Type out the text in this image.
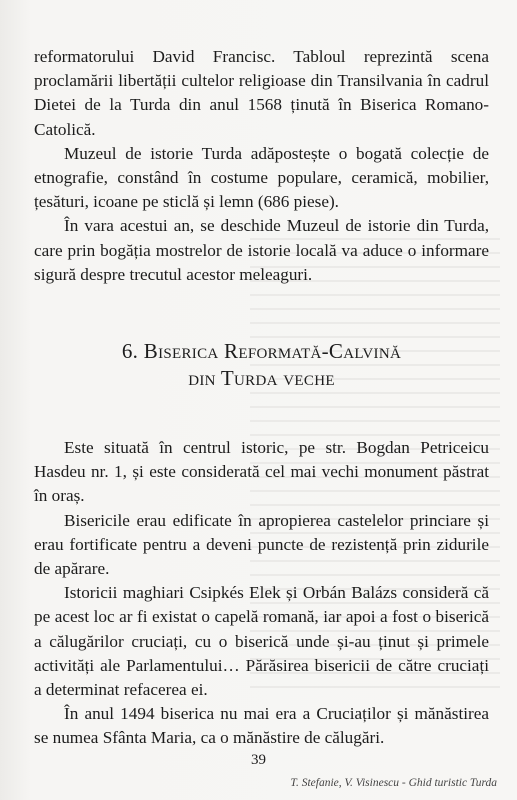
reformatorului David Francisc. Tabloul reprezintă scena proclamării libertății cultelor religioase din Transilvania în cadrul Dietei de la Turda din anul 1568 ținută în Biserica Romano-Catolică.

Muzeul de istorie Turda adăpostește o bogată colecție de etnografie, constând în costume populare, ceramică, mobilier, țesături, icoane pe sticlă și lemn (686 piese).

În vara acestui an, se deschide Muzeul de istorie din Turda, care prin bogăția mostrelor de istorie locală va aduce o informare sigură despre trecutul acestor meleaguri.

6. Biserica Reformată-Calvină
din Turda veche

Este situată în centrul istoric, pe str. Bogdan Petriceicu Hasdeu nr. 1, și este considerată cel mai vechi monument păstrat în oraș.

Bisericile erau edificate în apropierea castelelor princiare și erau fortificate pentru a deveni puncte de rezistență prin zidurile de apărare.

Istoricii maghiari Csipkés Elek și Orbán Balázs consideră că pe acest loc ar fi existat o capelă romană, iar apoi a fost o biserică a călugărilor cruciați, cu o biserică unde și-au ținut și primele activități ale Parlamentului… Părăsirea bisericii de către cruciați a determinat refacerea ei.

În anul 1494 biserica nu mai era a Cruciaților și mănăstirea se numea Sfânta Maria, ca o mănăstire de călugări.

39
T. Stefanie, V. Visinescu - Ghid turistic Turda
